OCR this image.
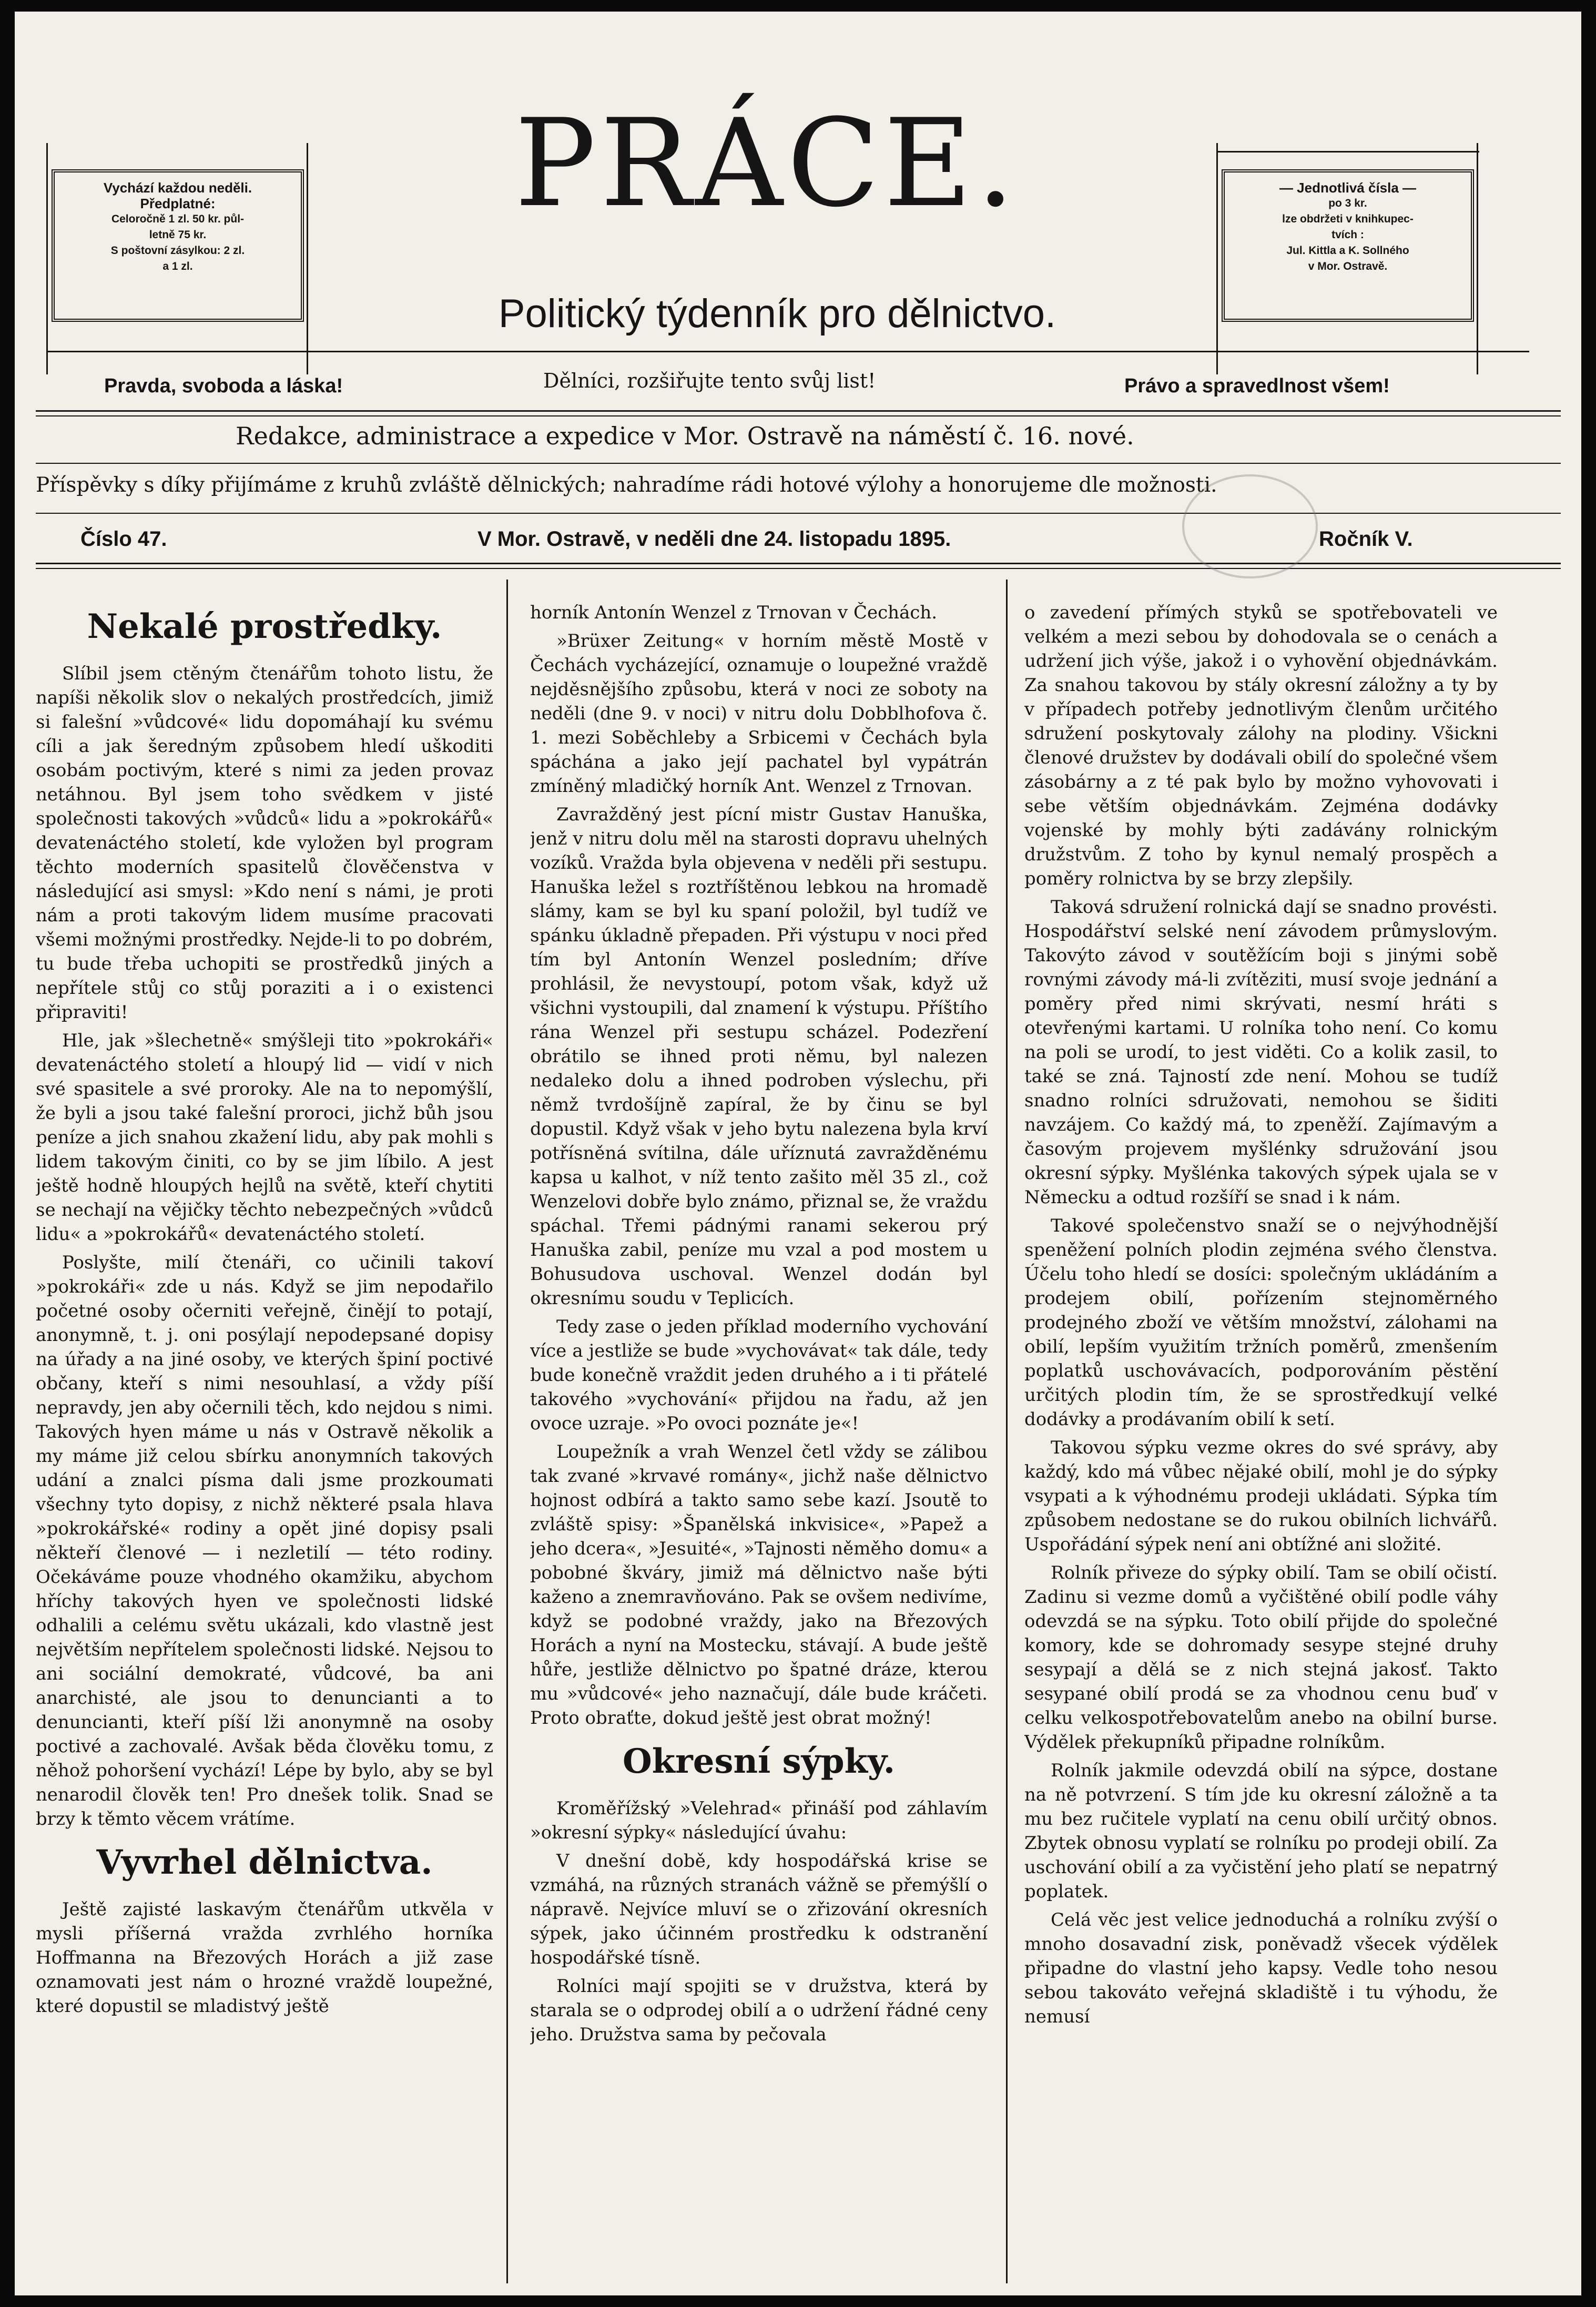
Vychází každou neděli.
Předplatné:
Celoročně 1 zl. 50 kr. půl-
letně 75 kr.
S poštovní zásylkou: 2 zl.
a 1 zl.
— Jednotlivá čísla —
po 3 kr.
lze obdržeti v knihkupec-
tvích :
Jul. Kittla a K. Sollného
v Mor. Ostravě.
PRÁCE.
Politický týdenník pro dělnictvo.
Pravda, svoboda a láska!	Dělníci, rozšiřujte tento svůj list!	Právo a spravedlnost všem!
Redakce, administrace a expedice v Mor. Ostravě na náměstí č. 16. nové.
Příspěvky s díky přijímáme z kruhů zvláště dělnických; nahradíme rádi hotové výlohy a honorujeme dle možnosti.
Číslo 47.	V Mor. Ostravě, v neděli dne 24. listopadu 1895.	Ročník V.
Nekalé prostředky.

Slíbil jsem ctěným čtenářům tohoto listu, že napíši několik slov o nekalých prostředcích, jimiž si falešní »vůdcové« lidu dopomáhají ku svému cíli a jak šeredným způsobem hledí uškoditi osobám poctivým, které s nimi za jeden provaz netáhnou. Byl jsem toho svědkem v jisté společnosti takových »vůdců« lidu a »pokrokářů« devatenáctého století, kde vyložen byl program těchto moderních spasitelů člověčenstva v následující asi smysl: »Kdo není s námi, je proti nám a proti takovým lidem musíme pracovati všemi možnými prostředky. Nejde-li to po dobrém, tu bude třeba uchopiti se prostředků jiných a nepřítele stůj co stůj poraziti a i o existenci připraviti!

Hle, jak »šlechetně« smýšleji tito »pokrokáři« devatenáctého století a hloupý lid — vidí v nich své spasitele a své proroky. Ale na to nepomýšlí, že byli a jsou také falešní proroci, jichž bůh jsou peníze a jich snahou zkažení lidu, aby pak mohli s lidem takovým činiti, co by se jim líbilo. A jest ještě hodně hloupých hejlů na světě, kteří chytiti se nechají na vějičky těchto nebezpečných »vůdců lidu« a »pokrokářů« devatenáctého století.

Poslyšte, milí čtenáři, co učinili takoví »pokrokáři« zde u nás. Když se jim nepodařilo početné osoby očerniti veřejně, činějí to potají, anonymně, t. j. oni posýlají nepodepsané dopisy na úřady a na jiné osoby, ve kterých špiní poctivé občany, kteří s nimi nesouhlasí, a vždy píší nepravdy, jen aby očernili těch, kdo nejdou s nimi. Takových hyen máme u nás v Ostravě několik a my máme již celou sbírku anonymních takových udání a znalci písma dali jsme prozkoumati všechny tyto dopisy, z nichž některé psala hlava »pokrokářské« rodiny a opět jiné dopisy psali někteří členové — i nezletilí — této rodiny. Očekáváme pouze vhodného okamžiku, abychom hříchy takových hyen ve společnosti lidské odhalili a celému světu ukázali, kdo vlastně jest největším nepřítelem společnosti lidské. Nejsou to ani sociální demokraté, vůdcové, ba ani anarchisté, ale jsou to denuncianti a to denuncianti, kteří píší lži anonymně na osoby poctivé a zachovalé. Avšak běda člověku tomu, z něhož pohoršení vychází! Lépe by bylo, aby se byl nenarodil člověk ten! Pro dnešek tolik. Snad se brzy k těmto věcem vrátíme.

Vyvrhel dělnictva.

Ještě zajisté laskavým čtenářům utkvěla v mysli příšerná vražda zvrhlého horníka Hoffmanna na Březových Horách a již zase oznamovati jest nám o hrozné vraždě loupežné, které dopustil se mladistvý ještě

horník Antonín Wenzel z Trnovan v Čechách.

»Brüxer Zeitung« v horním městě Mostě v Čechách vycházející, oznamuje o loupežné vraždě nejděsnějšího způsobu, která v noci ze soboty na neděli (dne 9. v noci) v nitru dolu Dobblhofova č. 1. mezi Soběchleby a Srbicemi v Čechách byla spáchána a jako její pachatel byl vypátrán zmíněný mladičký horník Ant. Wenzel z Trnovan.

Zavražděný jest pícní mistr Gustav Hanuška, jenž v nitru dolu měl na starosti dopravu uhelných vozíků. Vražda byla objevena v neděli při sestupu. Hanuška ležel s roztříštěnou lebkou na hromadě slámy, kam se byl ku spaní položil, byl tudíž ve spánku úkladně přepaden. Při výstupu v noci před tím byl Antonín Wenzel posledním; dříve prohlásil, že nevystoupí, potom však, když už všichni vystoupili, dal znamení k výstupu. Příštího rána Wenzel při sestupu scházel. Podezření obrátilo se ihned proti němu, byl nalezen nedaleko dolu a ihned podroben výslechu, při němž tvrdošíjně zapíral, že by činu se byl dopustil. Když však v jeho bytu nalezena byla krví potřísněná svítilna, dále uříznutá zavražděnému kapsa u kalhot, v níž tento zašito měl 35 zl., což Wenzelovi dobře bylo známo, přiznal se, že vraždu spáchal. Třemi pádnými ranami sekerou prý Hanuška zabil, peníze mu vzal a pod mostem u Bohusudova uschoval. Wenzel dodán byl okresnímu soudu v Teplicích.

Tedy zase o jeden příklad moderního vychování více a jestliže se bude »vychovávat« tak dále, tedy bude konečně vraždit jeden druhého a i ti přátelé takového »vychování« přijdou na řadu, až jen ovoce uzraje. »Po ovoci poznáte je«!

Loupežník a vrah Wenzel četl vždy se zálibou tak zvané »krvavé romány«, jichž naše dělnictvo hojnost odbírá a takto samo sebe kazí. Jsoutě to zvláště spisy: »Španělská inkvisice«, »Papež a jeho dcera«, »Jesuité«, »Tajnosti něměho domu« a pobobné škváry, jimiž má dělnictvo naše býti kaženo a znemravňováno. Pak se ovšem nedivíme, když se podobné vraždy, jako na Březových Horách a nyní na Mostecku, stávají. A bude ještě hůře, jestliže dělnictvo po špatné dráze, kterou mu »vůdcové« jeho naznačují, dále bude kráčeti. Proto obraťte, dokud ještě jest obrat možný!

Okresní sýpky.

Kroměřížský »Velehrad« přináší pod záhlavím »okresní sýpky« následující úvahu:

V dnešní době, kdy hospodářská krise se vzmáhá, na různých stranách vážně se přemýšlí o nápravě. Nejvíce mluví se o zřizování okresních sýpek, jako účinném prostředku k odstranění hospodářské tísně.

Rolníci mají spojiti se v družstva, která by starala se o odprodej obilí a o udržení řádné ceny jeho. Družstva sama by pečovala

o zavedení přímých styků se spotřebovateli ve velkém a mezi sebou by dohodovala se o cenách a udržení jich výše, jakož i o vyhovění objednávkám. Za snahou takovou by stály okresní záložny a ty by v případech potřeby jednotlivým členům určitého sdružení poskytovaly zálohy na plodiny. Všickni členové družstev by dodávali obilí do společné všem zásobárny a z té pak bylo by možno vyhovovati i sebe větším objednávkám. Zejména dodávky vojenské by mohly býti zadávány rolnickým družstvům. Z toho by kynul nemalý prospěch a poměry rolnictva by se brzy zlepšily.

Taková sdružení rolnická dají se snadno provésti. Hospodářství selské není závodem průmyslovým. Takovýto závod v soutěžícím boji s jinými sobě rovnými závody má-li zvítěziti, musí svoje jednání a poměry před nimi skrývati, nesmí hráti s otevřenými kartami. U rolníka toho není. Co komu na poli se urodí, to jest viděti. Co a kolik zasil, to také se zná. Tajností zde není. Mohou se tudíž snadno rolníci sdružovati, nemohou se šiditi navzájem. Co každý má, to zpeněží. Zajímavým a časovým projevem myšlénky sdružování jsou okresní sýpky. Myšlénka takových sýpek ujala se v Německu a odtud rozšíří se snad i k nám.

Takové společenstvo snaží se o nejvýhodnější speněžení polních plodin zejména svého členstva. Účelu toho hledí se dosíci: společným ukládáním a prodejem obilí, pořízením stejnoměrného prodejného zboží ve větším množství, zálohami na obilí, lepším využitím tržních poměrů, zmenšením poplatků uschovávacích, podporováním pěstění určitých plodin tím, že se sprostředkují velké dodávky a prodávaním obilí k setí.

Takovou sýpku vezme okres do své správy, aby každý, kdo má vůbec nějaké obilí, mohl je do sýpky vsypati a k výhodnému prodeji ukládati. Sýpka tím způsobem nedostane se do rukou obilních lichvářů. Uspořádání sýpek není ani obtížné ani složité.

Rolník přiveze do sýpky obilí. Tam se obilí očistí. Zadinu si vezme domů a vyčištěné obilí podle váhy odevzdá se na sýpku. Toto obilí přijde do společné komory, kde se dohromady sesype stejné druhy sesypají a dělá se z nich stejná jakosť. Takto sesypané obilí prodá se za vhodnou cenu buď v celku velkospotřebovatelům anebo na obilní burse. Výdělek překupníků připadne rolníkům.

Rolník jakmile odevzdá obilí na sýpce, dostane na ně potvrzení. S tím jde ku okresní záložně a ta mu bez ručitele vyplatí na cenu obilí určitý obnos. Zbytek obnosu vyplatí se rolníku po prodeji obilí. Za uschování obilí a za vyčistění jeho platí se nepatrný poplatek.

Celá věc jest velice jednoduchá a rolníku zvýší o mnoho dosavadní zisk, poněvadž všecek výdělek připadne do vlastní jeho kapsy. Vedle toho nesou sebou takováto veřejná skladiště i tu výhodu, že nemusí
